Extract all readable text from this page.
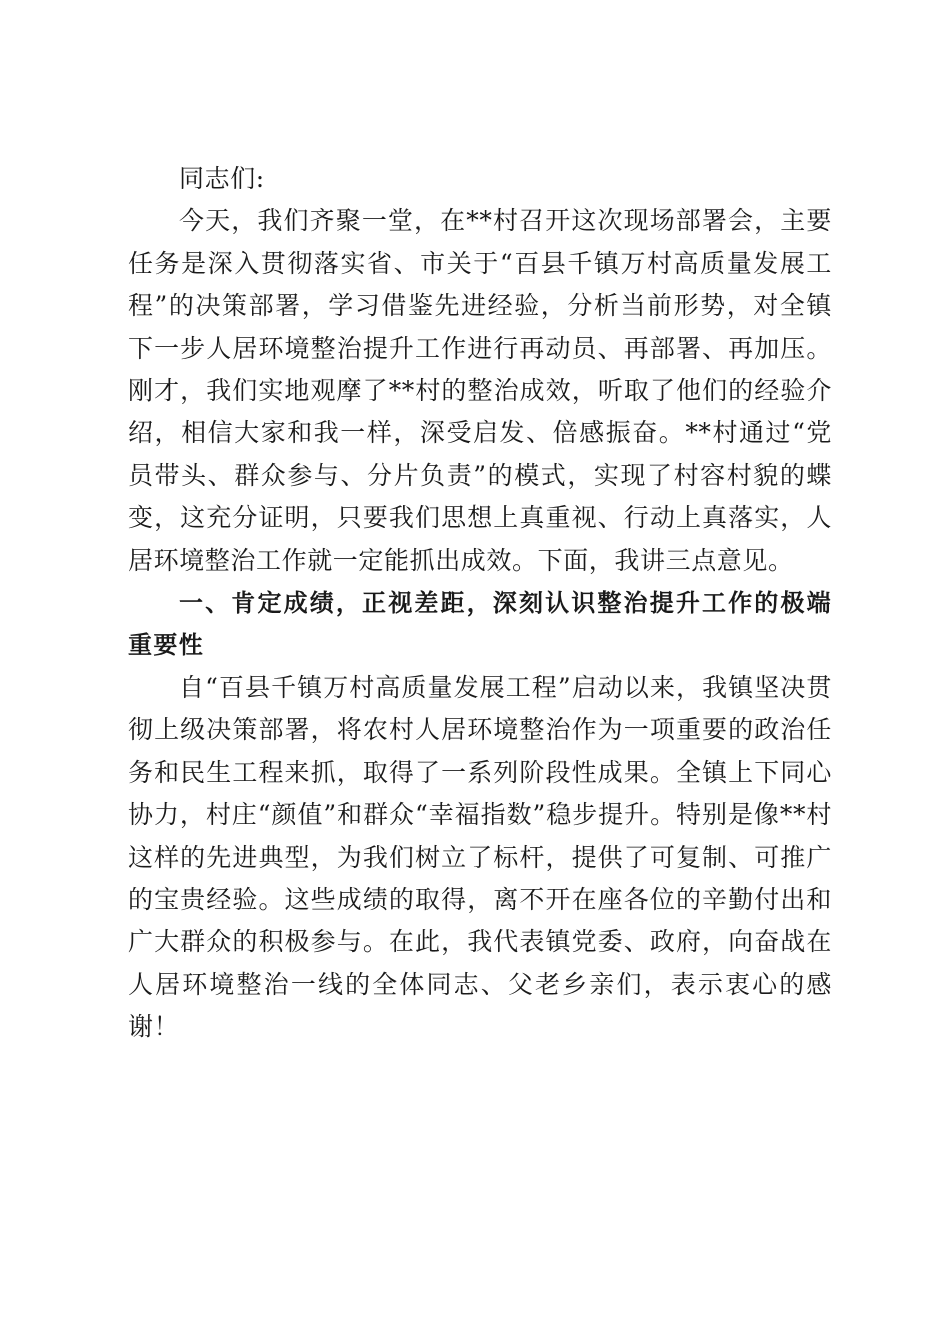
同志们:

今天，我们齐聚一堂，在**村召开这次现场部署会，主要任务是深入贯彻落实省、市关于“百县千镇万村高质量发展工程”的决策部署，学习借鉴先进经验，分析当前形势，对全镇下一步人居环境整治提升工作进行再动员、再部署、再加压。刚才，我们实地观摩了**村的整治成效，听取了他们的经验介绍，相信大家和我一样，深受启发、倍感振奋。**村通过“党员带头、群众参与、分片负责”的模式，实现了村容村貌的蝶变，这充分证明，只要我们思想上真重视、行动上真落实，人居环境整治工作就一定能抓出成效。下面，我讲三点意见。

一、肯定成绩，正视差距，深刻认识整治提升工作的极端重要性

自“百县千镇万村高质量发展工程”启动以来，我镇坚决贯彻上级决策部署，将农村人居环境整治作为一项重要的政治任务和民生工程来抓，取得了一系列阶段性成果。全镇上下同心协力，村庄“颜值”和群众“幸福指数”稳步提升。特别是像**村这样的先进典型，为我们树立了标杆，提供了可复制、可推广的宝贵经验。这些成绩的取得，离不开在座各位的辛勤付出和广大群众的积极参与。在此，我代表镇党委、政府，向奋战在人居环境整治一线的全体同志、父老乡亲们，表示衷心的感谢！
